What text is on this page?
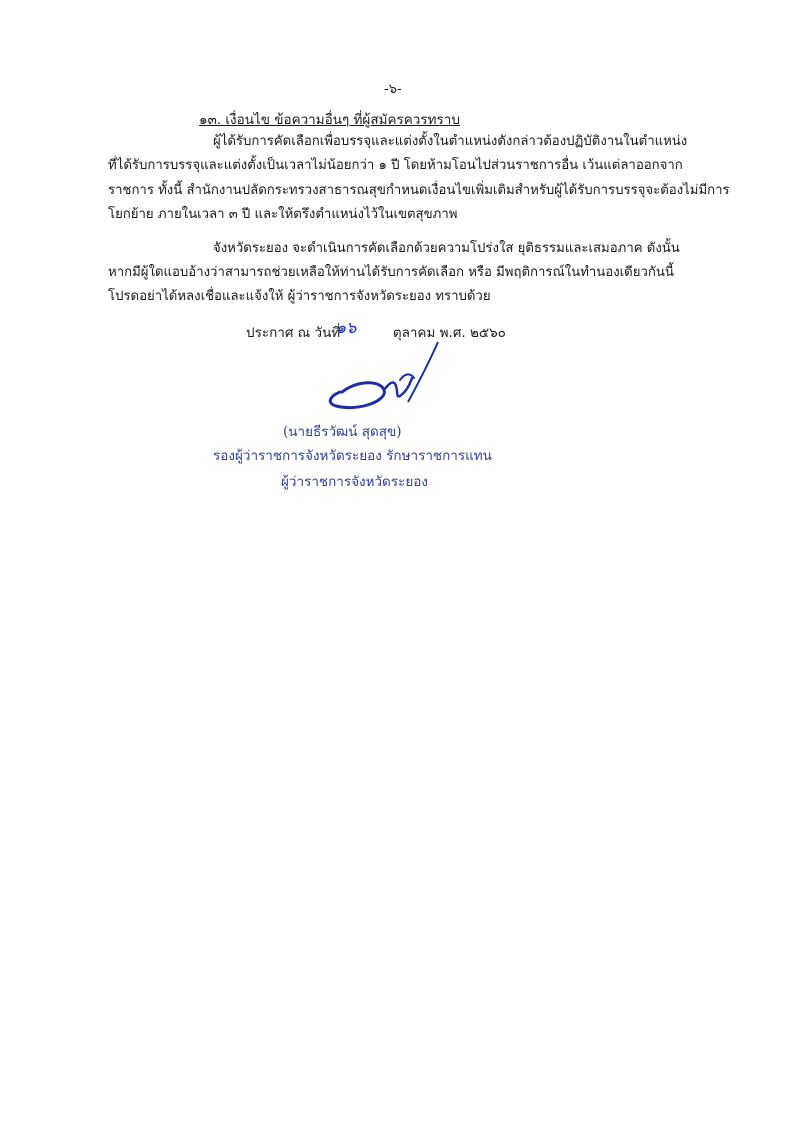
-๖-
๑๓. เงื่อนไข ข้อความอื่นๆ ที่ผู้สมัครควรทราบ
ผู้ได้รับการคัดเลือกเพื่อบรรจุและแต่งตั้งในตำแหน่งดังกล่าวต้องปฏิบัติงานในตำแหน่ง
ที่ได้รับการบรรจุและแต่งตั้งเป็นเวลาไม่น้อยกว่า ๑ ปี โดยห้ามโอนไปส่วนราชการอื่น เว้นแต่ลาออกจาก
ราชการ ทั้งนี้ สำนักงานปลัดกระทรวงสาธารณสุขกำหนดเงื่อนไขเพิ่มเติมสำหรับผู้ได้รับการบรรจุจะต้องไม่มีการ
โยกย้าย ภายในเวลา ๓ ปี และให้ตรึงตำแหน่งไว้ในเขตสุขภาพ
จังหวัดระยอง จะดำเนินการคัดเลือกด้วยความโปร่งใส ยุติธรรมและเสมอภาค ดังนั้น
หากมีผู้ใดแอบอ้างว่าสามารถช่วยเหลือให้ท่านได้รับการคัดเลือก หรือ มีพฤติการณ์ในทำนองเดียวกันนี้
โปรดอย่าได้หลงเชื่อและแจ้งให้ ผู้ว่าราชการจังหวัดระยอง ทราบด้วย
ประกาศ ณ วันที่	ตุลาคม พ.ศ. ๒๕๖๐
๑๖
(นายธีรวัฒน์ สุดสุข)
รองผู้ว่าราชการจังหวัดระยอง รักษาราชการแทน
ผู้ว่าราชการจังหวัดระยอง
